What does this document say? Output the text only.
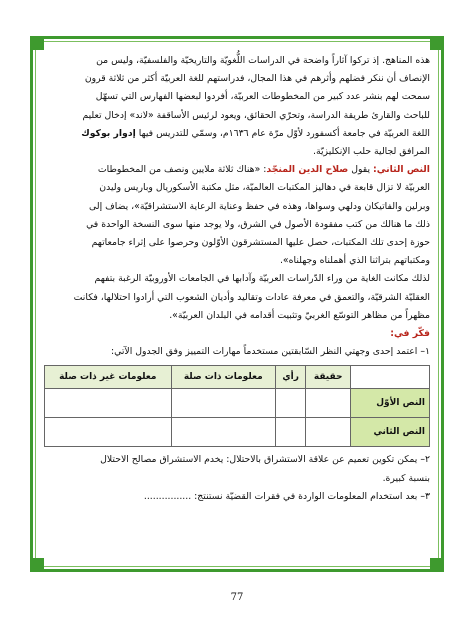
هذه المناهج. إذ تركوا آثاراً واضحة في الدراسات اللُّغويّة والتاريخيّة والفلسفيّة، وليس من

الإنصاف أن ننكر فضلهم وأثرهم في هذا المجال، فدراستهم للغة العربيّة أكثر من ثلاثة قرون

سمحت لهم بنشر عدد كبير من المخطوطات العربيّة، أفردوا لبعضها الفهارس التي تسهّل

للباحث والقارئ طريقة الدراسة، وتحرّي الحقائق، ويعود لرئيس الأساقفة «لاند» إدخال تعليم

اللغة العربيّة في جامعة أكسفورد لأوّل مرّة عام ١٦٣٦م، وسمّي للتدريس فيها إدوار بوكوك

المرافق لجالية حلب الإنكليزيّة.

النص الثاني: يقول صلاح الدين المنجّد: «هناك ثلاثة ملايين ونصف من المخطوطات

العربيّة لا تزال قابعة في دهاليز المكتبات العالميّة، مثل مكتبة الأسكوريال وباريس وليدن

وبرلين والفاتيكان ودلهي وسواها، وهذه في حفظ وعناية الرعاية الاستشراقيّة»، يضاف إلى

ذلك ما هنالك من كتب مفقودة الأصول في الشرق، ولا يوجد منها سوى النسخة الواحدة في

حوزة إحدى تلك المكتبات، حصل عليها المستشرقون الأوّلون وحرصوا على إثراء جامعاتهم

ومكتباتهم بتراثنا الذي أهملناه وجهلناه».

لذلك مكانت الغاية من وراء الدّراسات العربيّة وآدابها في الجامعات الأوروبيّة الرغبة بتفهم

العقليّة الشرقيّة، والتعمق في معرفة عادات وتقاليد وأديان الشعوب التي أرادوا احتلالها، فكانت

مظهراً من مظاهر التوسّع الغربيّ وتثبيت أقدامه في البلدان العربيّة».

فكّر في:

١– اعتمد إحدى وجهتي النظر السّابقتين مستخدماً مهارات التمييز وفق الجدول الآتي:

	حقيقة	رأي	معلومات ذات صلة	معلومات غير ذات صلة
النص الأوّل				
النص الثاني				

٢– يمكن تكوين تعميم عن علاقة الاستشراق بالاحتلال: يخدم الاستشراق مصالح الاحتلال

بنسبة كبيرة.

٣– بعد استخدام المعلومات الواردة في فقرات القضيّة نستنتج: ................

77
